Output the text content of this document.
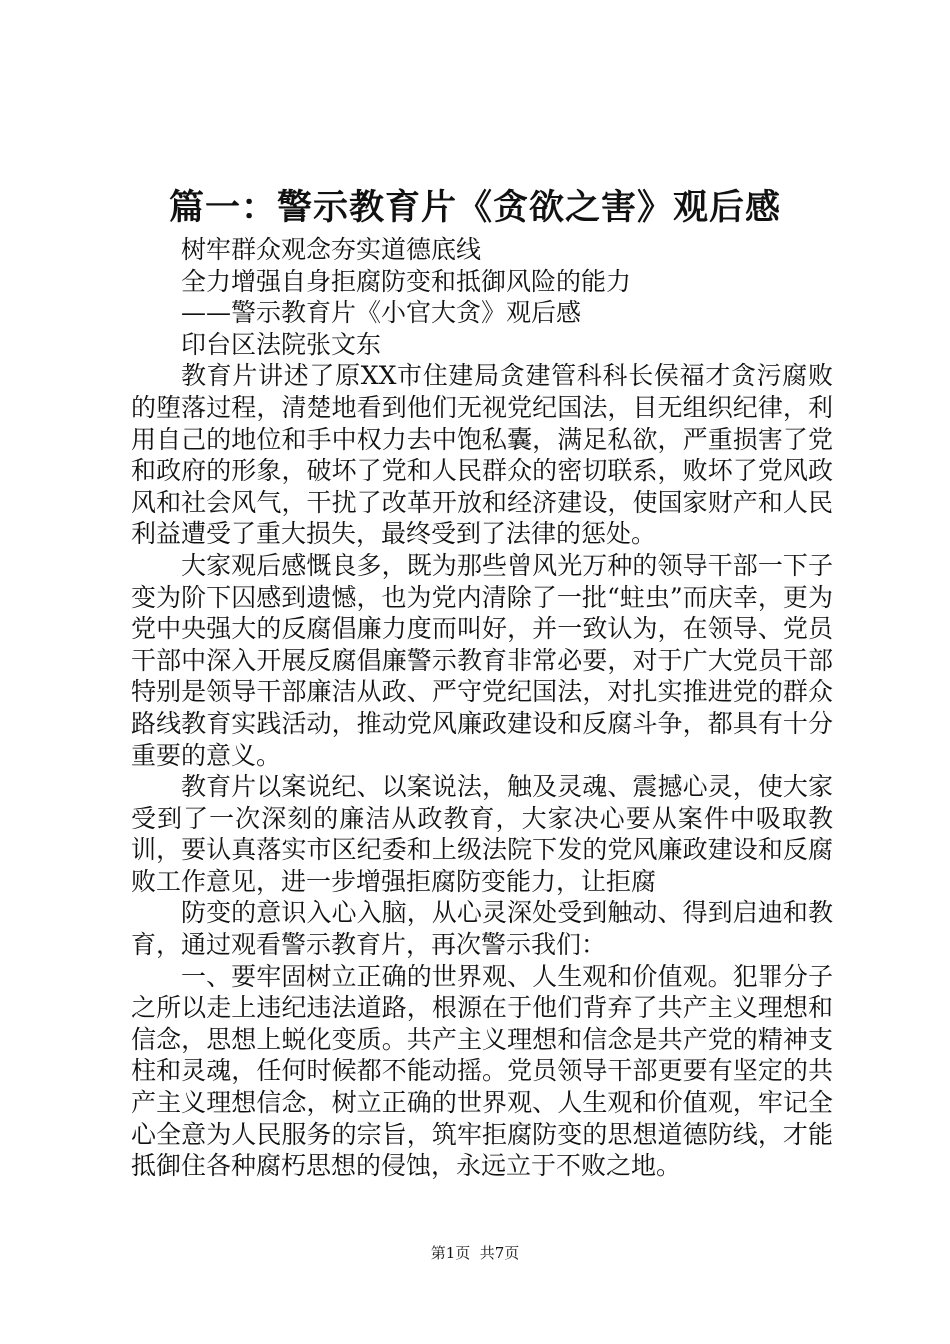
篇一：警示教育片《贪欲之害》观后感

树牢群众观念夯实道德底线

全力增强自身拒腐防变和抵御风险的能力

——警示教育片《小官大贪》观后感

印台区法院张文东

教育片讲述了原XX市住建局贪建管科科长侯福才贪污腐败的堕落过程，清楚地看到他们无视党纪国法，目无组织纪律，利用自己的地位和手中权力去中饱私囊，满足私欲，严重损害了党和政府的形象，破坏了党和人民群众的密切联系，败坏了党风政风和社会风气，干扰了改革开放和经济建设，使国家财产和人民利益遭受了重大损失，最终受到了法律的惩处。

大家观后感慨良多，既为那些曾风光万种的领导干部一下子变为阶下囚感到遗憾，也为党内清除了一批“蛀虫”而庆幸，更为党中央强大的反腐倡廉力度而叫好，并一致认为，在领导、党员干部中深入开展反腐倡廉警示教育非常必要，对于广大党员干部特别是领导干部廉洁从政、严守党纪国法，对扎实推进党的群众路线教育实践活动，推动党风廉政建设和反腐斗争，都具有十分重要的意义。

教育片以案说纪、以案说法，触及灵魂、震撼心灵，使大家受到了一次深刻的廉洁从政教育，大家决心要从案件中吸取教训，要认真落实市区纪委和上级法院下发的党风廉政建设和反腐败工作意见，进一步增强拒腐防变能力，让拒腐

防变的意识入心入脑，从心灵深处受到触动、得到启迪和教育，通过观看警示教育片，再次警示我们：

一、要牢固树立正确的世界观、人生观和价值观。犯罪分子之所以走上违纪违法道路，根源在于他们背弃了共产主义理想和信念，思想上蜕化变质。共产主义理想和信念是共产党的精神支柱和灵魂，任何时候都不能动摇。党员领导干部更要有坚定的共产主义理想信念，树立正确的世界观、人生观和价值观，牢记全心全意为人民服务的宗旨，筑牢拒腐防变的思想道德防线，才能抵御住各种腐朽思想的侵蚀，永远立于不败之地。

第1页  共7页
